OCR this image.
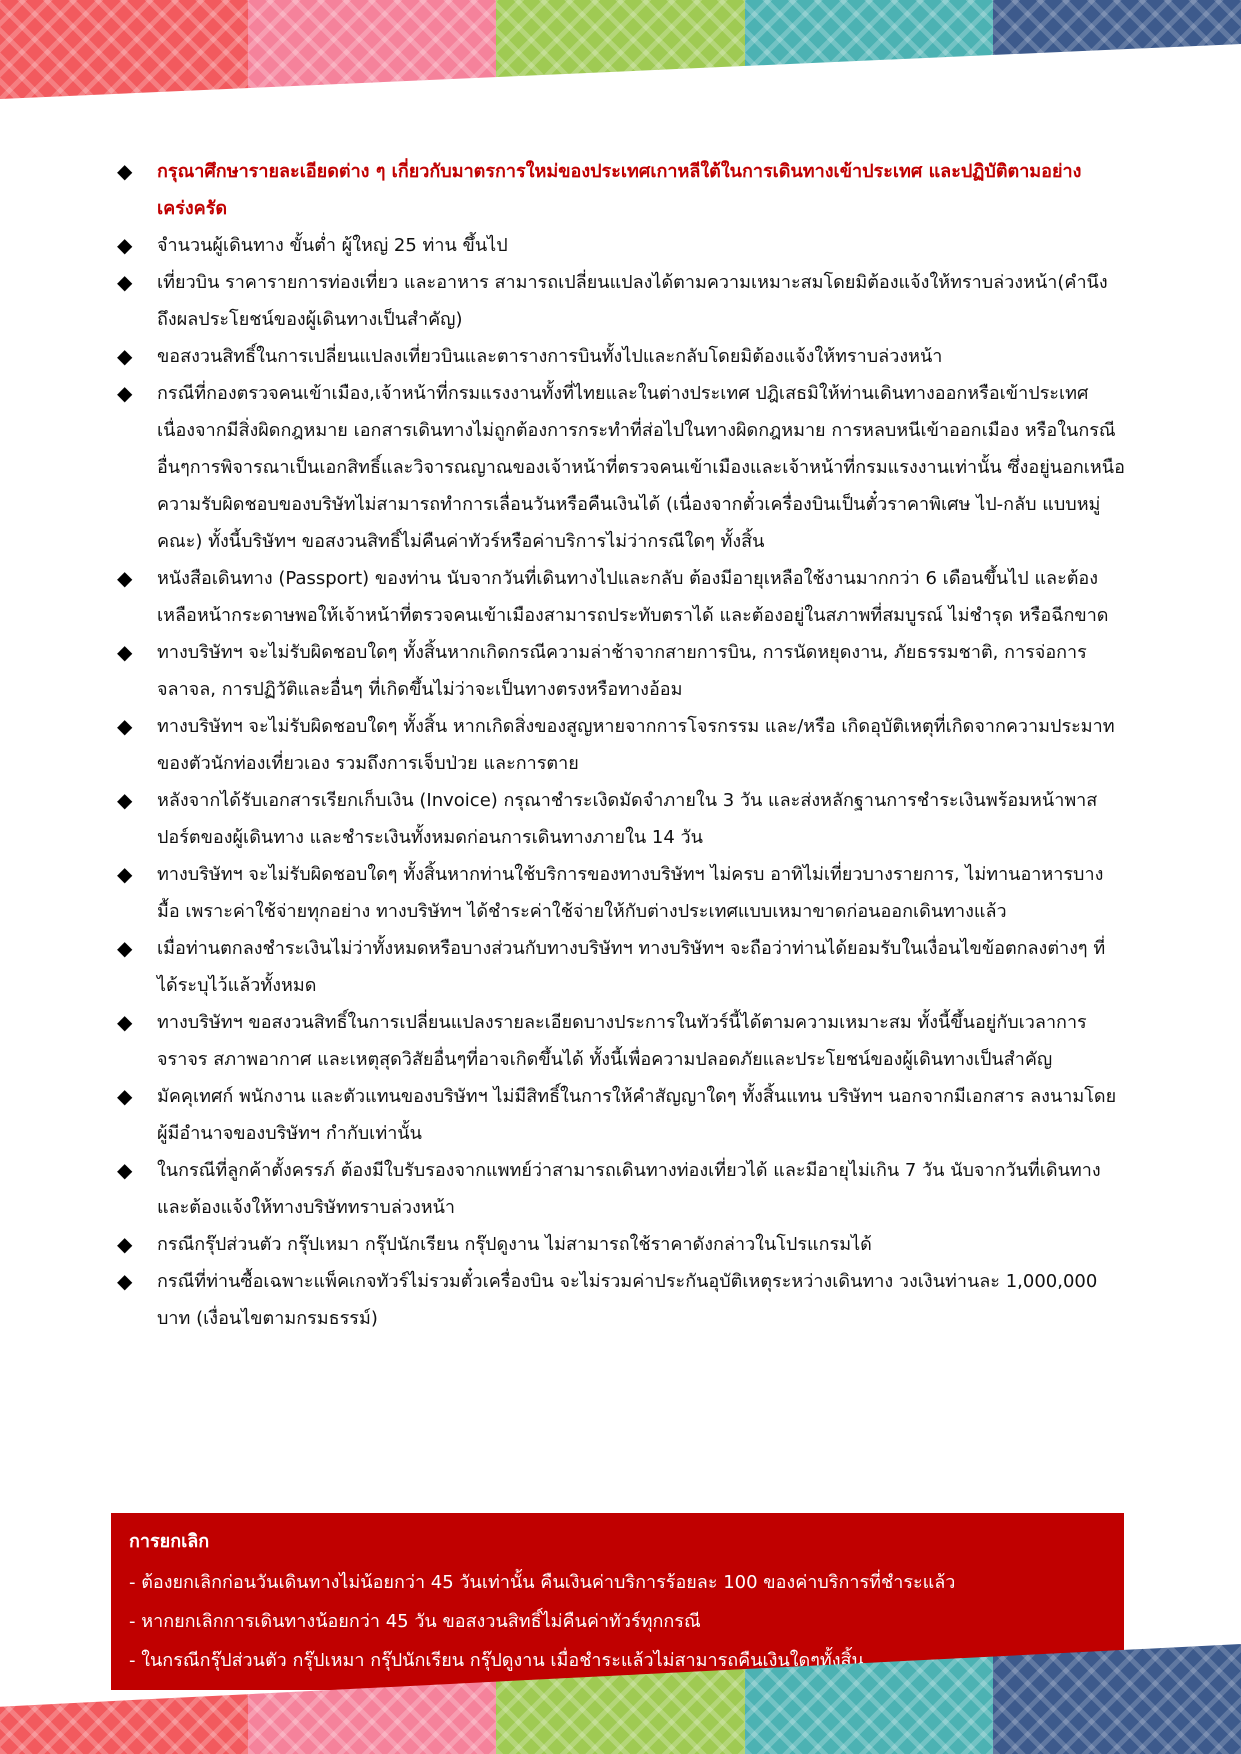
◆ กรุณาศึกษารายละเอียดต่าง ๆ เกี่ยวกับมาตรการใหม่ของประเทศเกาหลีใต้ในการเดินทางเข้าประเทศ และปฏิบัติตามอย่างเคร่งครัด
◆ จำนวนผู้เดินทาง ขั้นต่ำ ผู้ใหญ่ 25 ท่าน ขึ้นไป
◆ เที่ยวบิน ราคารายการท่องเที่ยว และอาหาร สามารถเปลี่ยนแปลงได้ตามความเหมาะสมโดยมิต้องแจ้งให้ทราบล่วงหน้า(คำนึงถึงผลประโยชน์ของผู้เดินทางเป็นสำคัญ)
◆ ขอสงวนสิทธิ์ในการเปลี่ยนแปลงเที่ยวบินและตารางการบินทั้งไปและกลับโดยมิต้องแจ้งให้ทราบล่วงหน้า
◆ กรณีที่กองตรวจคนเข้าเมือง,เจ้าหน้าที่กรมแรงงานทั้งที่ไทยและในต่างประเทศ ปฎิเสธมิให้ท่านเดินทางออกหรือเข้าประเทศ เนื่องจากมีสิ่งผิดกฎหมาย เอกสารเดินทางไม่ถูกต้องการกระทำที่ส่อไปในทางผิดกฎหมาย การหลบหนีเข้าออกเมือง หรือในกรณีอื่นๆการพิจารณาเป็นเอกสิทธิ์และวิจารณญาณของเจ้าหน้าที่ตรวจคนเข้าเมืองและเจ้าหน้าที่กรมแรงงานเท่านั้น ซึ่งอยู่นอกเหนือความรับผิดชอบของบริษัทไม่สามารถทำการเลื่อนวันหรือคืนเงินได้ (เนื่องจากตั๋วเครื่องบินเป็นตั๋วราคาพิเศษ ไป-กลับ แบบหมู่คณะ) ทั้งนี้บริษัทฯ ขอสงวนสิทธิ์ไม่คืนค่าทัวร์หรือค่าบริการไม่ว่ากรณีใดๆ ทั้งสิ้น
◆ หนังสือเดินทาง (Passport) ของท่าน นับจากวันที่เดินทางไปและกลับ ต้องมีอายุเหลือใช้งานมากกว่า 6 เดือนขึ้นไป และต้องเหลือหน้ากระดาษพอให้เจ้าหน้าที่ตรวจคนเข้าเมืองสามารถประทับตราได้ และต้องอยู่ในสภาพที่สมบูรณ์ ไม่ชำรุด หรือฉีกขาด
◆ ทางบริษัทฯ จะไม่รับผิดชอบใดๆ ทั้งสิ้นหากเกิดกรณีความล่าช้าจากสายการบิน, การนัดหยุดงาน, ภัยธรรมชาติ, การจ่อการจลาจล, การปฏิวัติและอื่นๆ ที่เกิดขึ้นไม่ว่าจะเป็นทางตรงหรือทางอ้อม
◆ ทางบริษัทฯ จะไม่รับผิดชอบใดๆ ทั้งสิ้น หากเกิดสิ่งของสูญหายจากการโจรกรรม และ/หรือ เกิดอุบัติเหตุที่เกิดจากความประมาทของตัวนักท่องเที่ยวเอง รวมถึงการเจ็บป่วย และการตาย
◆ หลังจากได้รับเอกสารเรียกเก็บเงิน (Invoice) กรุณาชำระเงิดมัดจำภายใน 3 วัน และส่งหลักฐานการชำระเงินพร้อมหน้าพาสปอร์ตของผู้เดินทาง และชำระเงินทั้งหมดก่อนการเดินทางภายใน 14 วัน
◆ ทางบริษัทฯ จะไม่รับผิดชอบใดๆ ทั้งสิ้นหากท่านใช้บริการของทางบริษัทฯ ไม่ครบ อาทิไม่เที่ยวบางรายการ, ไม่ทานอาหารบางมื้อ เพราะค่าใช้จ่ายทุกอย่าง ทางบริษัทฯ ได้ชำระค่าใช้จ่ายให้กับต่างประเทศแบบเหมาขาดก่อนออกเดินทางแล้ว
◆ เมื่อท่านตกลงชำระเงินไม่ว่าทั้งหมดหรือบางส่วนกับทางบริษัทฯ ทางบริษัทฯ จะถือว่าท่านได้ยอมรับในเงื่อนไขข้อตกลงต่างๆ ที่ได้ระบุไว้แล้วทั้งหมด
◆ ทางบริษัทฯ ขอสงวนสิทธิ์ในการเปลี่ยนแปลงรายละเอียดบางประการในทัวร์นี้ได้ตามความเหมาะสม ทั้งนี้ขึ้นอยู่กับเวลาการจราจร สภาพอากาศ และเหตุสุดวิสัยอื่นๆที่อาจเกิดขึ้นได้ ทั้งนี้เพื่อความปลอดภัยและประโยชน์ของผู้เดินทางเป็นสำคัญ
◆ มัคคุเทศก์ พนักงาน และตัวแทนของบริษัทฯ ไม่มีสิทธิ์ในการให้คำสัญญาใดๆ ทั้งสิ้นแทน บริษัทฯ นอกจากมีเอกสาร ลงนามโดยผู้มีอำนาจของบริษัทฯ กำกับเท่านั้น
◆ ในกรณีที่ลูกค้าตั้งครรภ์ ต้องมีใบรับรองจากแพทย์ว่าสามารถเดินทางท่องเที่ยวได้ และมีอายุไม่เกิน 7 วัน นับจากวันที่เดินทางและต้องแจ้งให้ทางบริษัททราบล่วงหน้า
◆ กรณีกรุ๊ปส่วนตัว กรุ๊ปเหมา กรุ๊ปนักเรียน กรุ๊ปดูงาน ไม่สามารถใช้ราคาดังกล่าวในโปรแกรมได้
◆ กรณีที่ท่านซื้อเฉพาะแพ็คเกจทัวร์ไม่รวมตั๋วเครื่องบิน จะไม่รวมค่าประกันอุบัติเหตุระหว่างเดินทาง วงเงินท่านละ 1,000,000 บาท (เงื่อนไขตามกรมธรรม์)
การยกเลิก
- ต้องยกเลิกก่อนวันเดินทางไม่น้อยกว่า 45 วันเท่านั้น คืนเงินค่าบริการร้อยละ 100 ของค่าบริการที่ชำระแล้ว
- หากยกเลิกการเดินทางน้อยกว่า 45 วัน ขอสงวนสิทธิ์ไม่คืนค่าทัวร์ทุกกรณี
- ในกรณีกรุ๊ปส่วนตัว กรุ๊ปเหมา กรุ๊ปนักเรียน กรุ๊ปดูงาน เมื่อชำระแล้วไม่สามารถคืนเงินใดๆทั้งสิ้น
